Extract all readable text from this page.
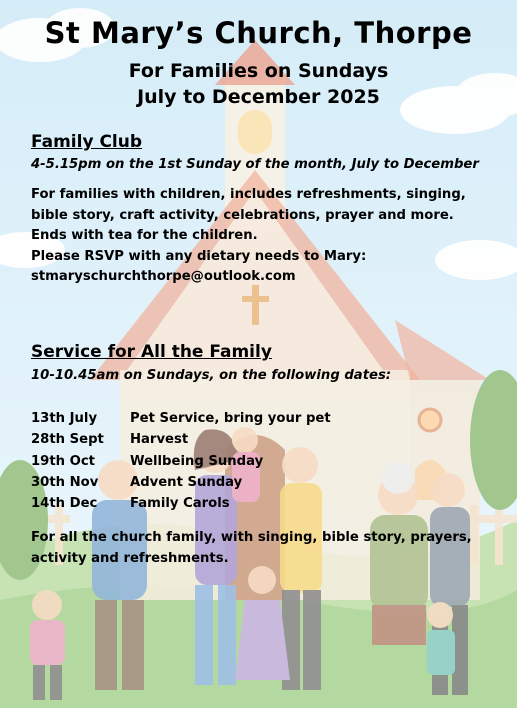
St Mary’s Church, Thorpe
For Families on Sundays
July to December 2025
Family Club
4-5.15pm on the 1st Sunday of the month, July to December
For families with children, includes refreshments, singing,
bible story, craft activity, celebrations, prayer and more.
Ends with tea for the children.
Please RSVP with any dietary needs to Mary:
stmaryschurchthorpe@outlook.com
Service for All the Family
10-10.45am on Sundays, on the following dates:
13th July Pet Service, bring your pet
28th Sept Harvest
19th Oct	Wellbeing Sunday
30th Nov Advent Sunday
14th Dec Family Carols
For all the church family, with singing, bible story, prayers,
activity and refreshments.
